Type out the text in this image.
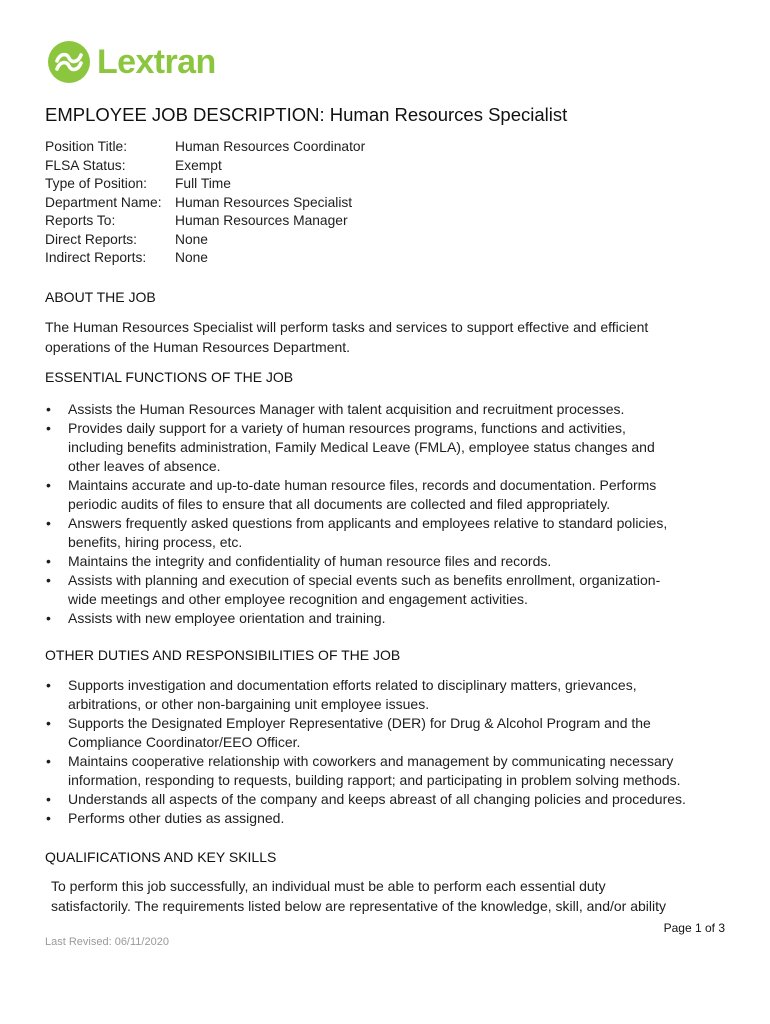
Lextran
EMPLOYEE JOB DESCRIPTION: Human Resources Specialist
Position Title:	Human Resources Coordinator
FLSA Status:	Exempt
Type of Position:	Full Time
Department Name: Human Resources Specialist
Reports To:	Human Resources Manager
Direct Reports:	None
Indirect Reports:	None
ABOUT THE JOB
The Human Resources Specialist will perform tasks and services to support effective and efficient
operations of the Human Resources Department.
ESSENTIAL FUNCTIONS OF THE JOB
• Assists the Human Resources Manager with talent acquisition and recruitment processes.
• Provides daily support for a variety of human resources programs, functions and activities,
including benefits administration, Family Medical Leave (FMLA), employee status changes and
other leaves of absence.
• Maintains accurate and up-to-date human resource files, records and documentation. Performs
periodic audits of files to ensure that all documents are collected and filed appropriately.
• Answers frequently asked questions from applicants and employees relative to standard policies,
benefits, hiring process, etc.
• Maintains the integrity and confidentiality of human resource files and records.
• Assists with planning and execution of special events such as benefits enrollment, organization-
wide meetings and other employee recognition and engagement activities.
• Assists with new employee orientation and training.
OTHER DUTIES AND RESPONSIBILITIES OF THE JOB
• Supports investigation and documentation efforts related to disciplinary matters, grievances,
arbitrations, or other non-bargaining unit employee issues.
• Supports the Designated Employer Representative (DER) for Drug & Alcohol Program and the
Compliance Coordinator/EEO Officer.
• Maintains cooperative relationship with coworkers and management by communicating necessary
information, responding to requests, building rapport; and participating in problem solving methods.
• Understands all aspects of the company and keeps abreast of all changing policies and procedures.
• Performs other duties as assigned.
QUALIFICATIONS AND KEY SKILLS
To perform this job successfully, an individual must be able to perform each essential duty
satisfactorily. The requirements listed below are representative of the knowledge, skill, and/or ability
Page 1 of 3
Last Revised: 06/11/2020
